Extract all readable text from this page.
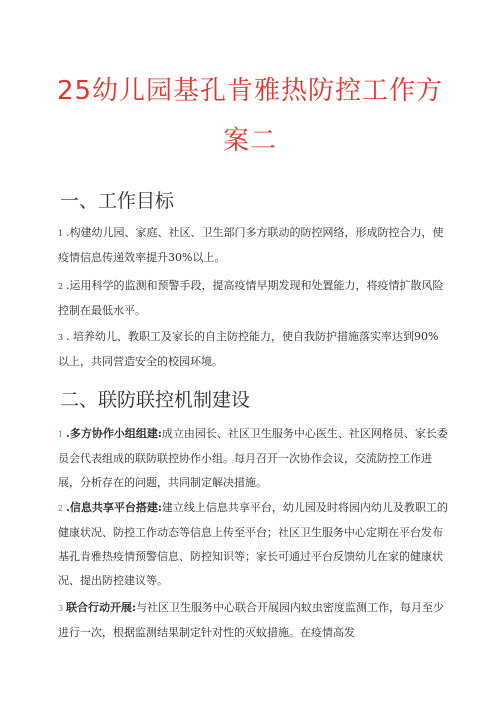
25幼儿园基孔肯雅热防控工作方
案二
一、工作目标
1 .构建幼儿园、家庭、社区、卫生部门多方联动的防控网络，形成防控合力，使疫情信息传递效率提升30%以上。
2 .运用科学的监测和预警手段，提高疫情早期发现和处置能力，将疫情扩散风险控制在最低水平。
3 . 培养幼儿、教职工及家长的自主防控能力，使自我防护措施落实率达到90%以上，共同营造安全的校园环境。
二、联防联控机制建设
1 .多方协作小组组建:成立由园长、社区卫生服务中心医生、社区网格员、家长委员会代表组成的联防联控协作小组。每月召开一次协作会议，交流防控工作进展，分析存在的问题，共同制定解决措施。
2 .信息共享平台搭建:建立线上信息共享平台，幼儿园及时将园内幼儿及教职工的健康状况、防控工作动态等信息上传至平台；社区卫生服务中心定期在平台发布基孔肯雅热疫情预警信息、防控知识等；家长可通过平台反馈幼儿在家的健康状况、提出防控建议等。
3 联合行动开展:与社区卫生服务中心联合开展园内蚊虫密度监测工作，每月至少进行一次，根据监测结果制定针对性的灭蚊措施。在疫情高发
